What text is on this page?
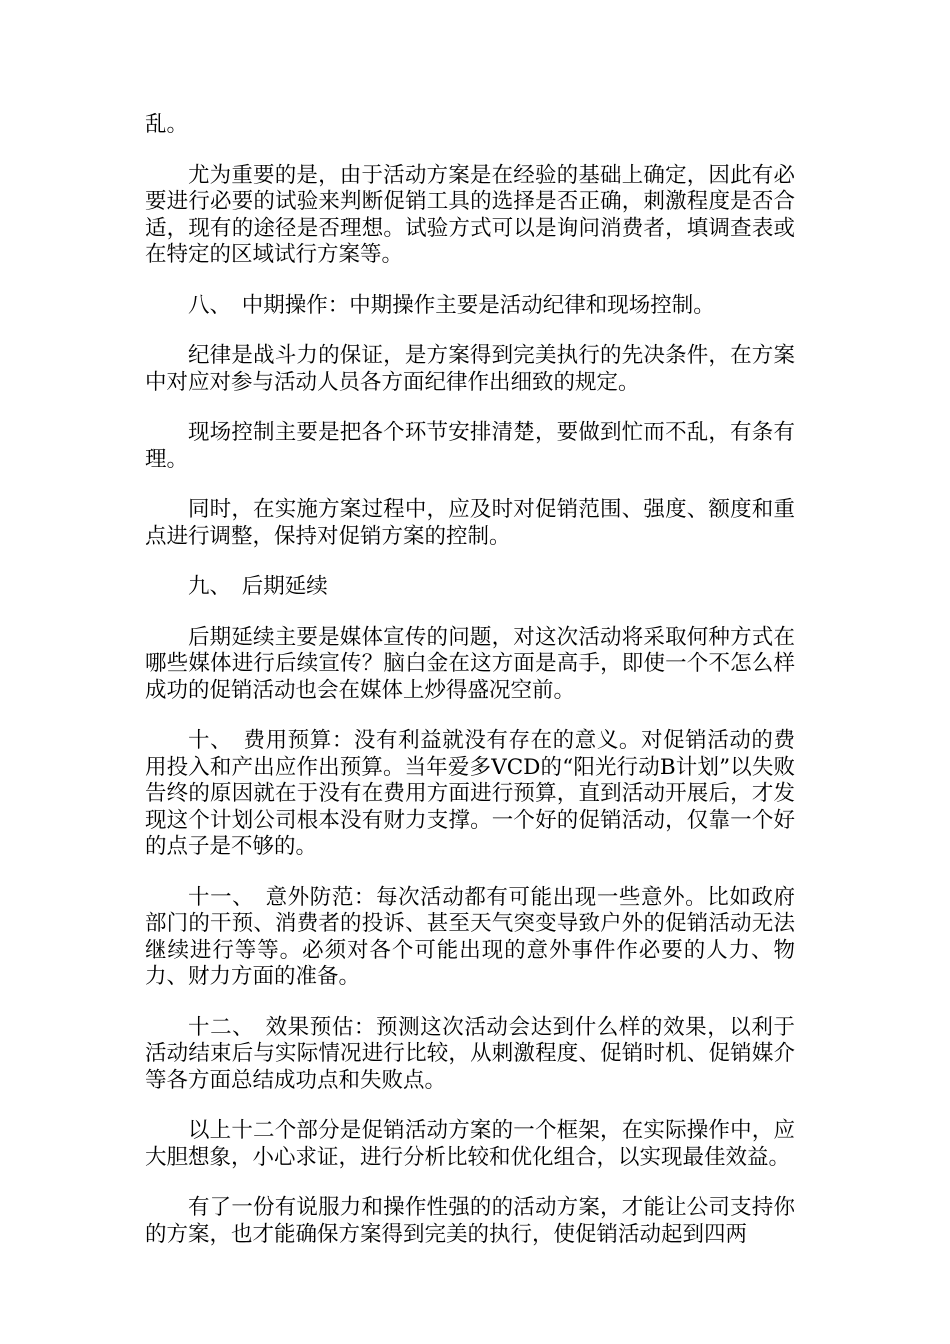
乱。

尤为重要的是，由于活动方案是在经验的基础上确定，因此有必要进行必要的试验来判断促销工具的选择是否正确，刺激程度是否合适，现有的途径是否理想。试验方式可以是询问消费者，填调查表或在特定的区域试行方案等。

八、　中期操作：中期操作主要是活动纪律和现场控制。

纪律是战斗力的保证，是方案得到完美执行的先决条件，在方案中对应对参与活动人员各方面纪律作出细致的规定。

现场控制主要是把各个环节安排清楚，要做到忙而不乱，有条有理。

同时，在实施方案过程中，应及时对促销范围、强度、额度和重点进行调整，保持对促销方案的控制。

九、　后期延续

后期延续主要是媒体宣传的问题，对这次活动将采取何种方式在哪些媒体进行后续宣传？脑白金在这方面是高手，即使一个不怎么样成功的促销活动也会在媒体上炒得盛况空前。

十、　费用预算：没有利益就没有存在的意义。对促销活动的费用投入和产出应作出预算。当年爱多VCD的“阳光行动B计划”以失败告终的原因就在于没有在费用方面进行预算，直到活动开展后，才发现这个计划公司根本没有财力支撑。一个好的促销活动，仅靠一个好的点子是不够的。

十一、　意外防范：每次活动都有可能出现一些意外。比如政府部门的干预、消费者的投诉、甚至天气突变导致户外的促销活动无法继续进行等等。必须对各个可能出现的意外事件作必要的人力、物　力、财力方面的准备。

十二、　效果预估：预测这次活动会达到什么样的效果，以利于活动结束后与实际情况进行比较，从刺激程度、促销时机、促销媒介等各方面总结成功点和失败点。

以上十二个部分是促销活动方案的一个框架，在实际操作中，应大胆想象，小心求证，进行分析比较和优化组合，以实现最佳效益。

有了一份有说服力和操作性强的的活动方案，才能让公司支持你的方案，也才能确保方案得到完美的执行，使促销活动起到四两
